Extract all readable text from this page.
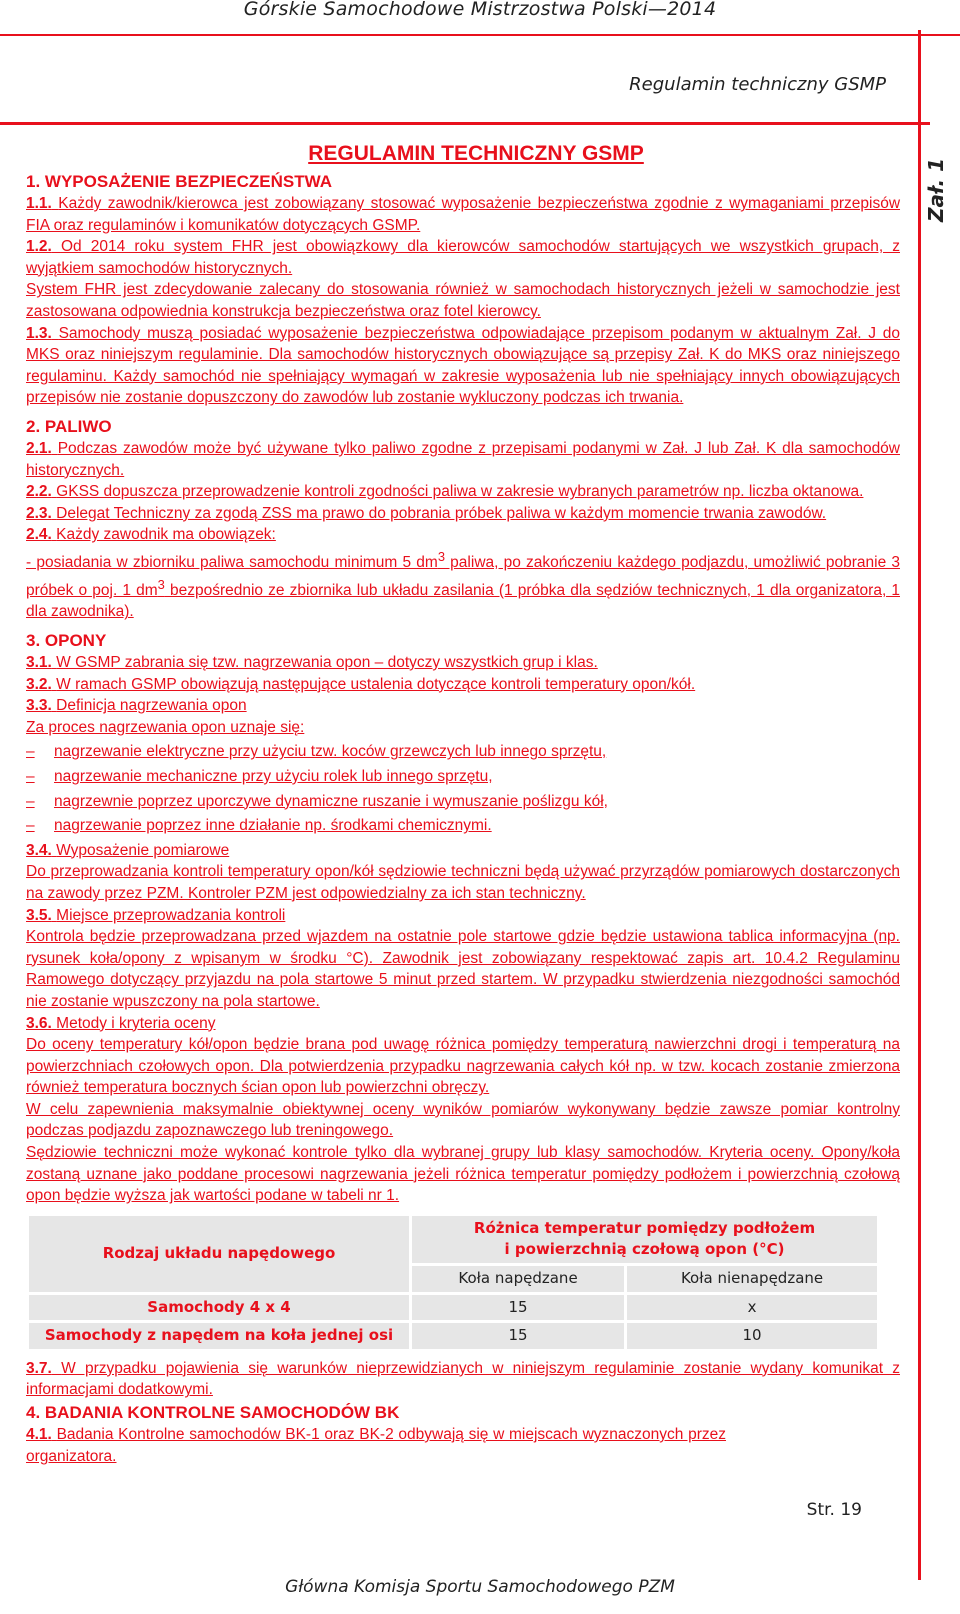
Górskie Samochodowe Mistrzostwa Polski—2014
Regulamin techniczny GSMP
Zał. 1
REGULAMIN TECHNICZNY GSMP
1. WYPOSAŻENIE BEZPIECZEŃSTWA
1.1. Każdy zawodnik/kierowca jest zobowiązany stosować wyposażenie bezpieczeństwa zgodnie z wymaganiami przepisów FIA oraz regulaminów i komunikatów dotyczących GSMP.
1.2. Od 2014 roku system FHR jest obowiązkowy dla kierowców samochodów startujących we wszystkich grupach, z wyjątkiem samochodów historycznych.
System FHR jest zdecydowanie zalecany do stosowania również w samochodach historycznych jeżeli w samochodzie jest zastosowana odpowiednia konstrukcja bezpieczeństwa oraz fotel kierowcy.
1.3. Samochody muszą posiadać wyposażenie bezpieczeństwa odpowiadające przepisom podanym w aktualnym Zał. J do MKS oraz niniejszym regulaminie. Dla samochodów historycznych obowiązujące są przepisy Zał. K do MKS oraz niniejszego regulaminu. Każdy samochód nie spełniający wymagań w zakresie wyposażenia lub nie spełniający innych obowiązujących przepisów nie zostanie dopuszczony do zawodów lub zostanie wykluczony podczas ich trwania.
2. PALIWO
2.1. Podczas zawodów może być używane tylko paliwo zgodne z przepisami podanymi w Zał. J lub Zał. K dla samochodów historycznych.
2.2. GKSS dopuszcza przeprowadzenie kontroli zgodności paliwa w zakresie wybranych parametrów np. liczba oktanowa.
2.3. Delegat Techniczny za zgodą ZSS ma prawo do pobrania próbek paliwa w każdym momencie trwania zawodów.
2.4. Każdy zawodnik ma obowiązek:
- posiadania w zbiorniku paliwa samochodu minimum 5 $dm^3$ paliwa, po zakończeniu każdego podjazdu, umożliwić pobranie 3 próbek o poj. 1 $dm^3$ bezpośrednio ze zbiornika lub układu zasilania (1 próbka dla sędziów technicznych, 1 dla organizatora, 1 dla zawodnika).
3. OPONY
3.1. W GSMP zabrania się tzw. nagrzewania opon – dotyczy wszystkich grup i klas.
3.2. W ramach GSMP obowiązują następujące ustalenia dotyczące kontroli temperatury opon/kół.
3.3. Definicja nagrzewania opon
Za proces nagrzewania opon uznaje się:
–	nagrzewanie elektryczne przy użyciu tzw. koców grzewczych lub innego sprzętu,
–	nagrzewanie mechaniczne przy użyciu rolek lub innego sprzętu,
–	nagrzewnie poprzez uporczywe dynamiczne ruszanie i wymuszanie poślizgu kół,
–	nagrzewanie poprzez inne działanie np. środkami chemicznymi.
3.4. Wyposażenie pomiarowe
Do przeprowadzania kontroli temperatury opon/kół sędziowie techniczni będą używać przyrządów pomiarowych dostarczonych na zawody przez PZM. Kontroler PZM jest odpowiedzialny za ich stan techniczny.
3.5. Miejsce przeprowadzania kontroli
Kontrola będzie przeprowadzana przed wjazdem na ostatnie pole startowe gdzie będzie ustawiona tablica informacyjna (np. rysunek koła/opony z wpisanym w środku °C). Zawodnik jest zobowiązany respektować zapis art. 10.4.2 Regulaminu Ramowego dotyczący przyjazdu na pola startowe 5 minut przed startem. W przypadku stwierdzenia niezgodności samochód nie zostanie wpuszczony na pola startowe.
3.6. Metody i kryteria oceny
Do oceny temperatury kół/opon będzie brana pod uwagę różnica pomiędzy temperaturą nawierzchni drogi i temperaturą na powierzchniach czołowych opon. Dla potwierdzenia przypadku nagrzewania całych kół np. w tzw. kocach zostanie zmierzona również temperatura bocznych ścian opon lub powierzchni obręczy.
W celu zapewnienia maksymalnie obiektywnej oceny wyników pomiarów wykonywany będzie zawsze pomiar kontrolny podczas podjazdu zapoznawczego lub treningowego.
Sędziowie techniczni może wykonać kontrole tylko dla wybranej grupy lub klasy samochodów. Kryteria oceny. Opony/koła zostaną uznane jako poddane procesowi nagrzewania jeżeli różnica temperatur pomiędzy podłożem i powierzchnią czołową opon będzie wyższa jak wartości podane w tabeli nr 1.
Rodzaj układu napędowego	Różnica temperatur pomiędzy podłożem
i powierzchnią czołową opon (°C)	
	Koła napędzane	Koła nienapędzane
Samochody 4 x 4	15	x
Samochody z napędem na koła jednej osi	15	10
3.7. W przypadku pojawienia się warunków nieprzewidzianych w niniejszym regulaminie zostanie wydany komunikat z informacjami dodatkowymi.
4. BADANIA KONTROLNE SAMOCHODÓW BK
4.1. Badania Kontrolne samochodów BK-1 oraz BK-2 odbywają się w miejscach wyznaczonych przez organizatora.
Str. 19
Główna Komisja Sportu Samochodowego PZM
